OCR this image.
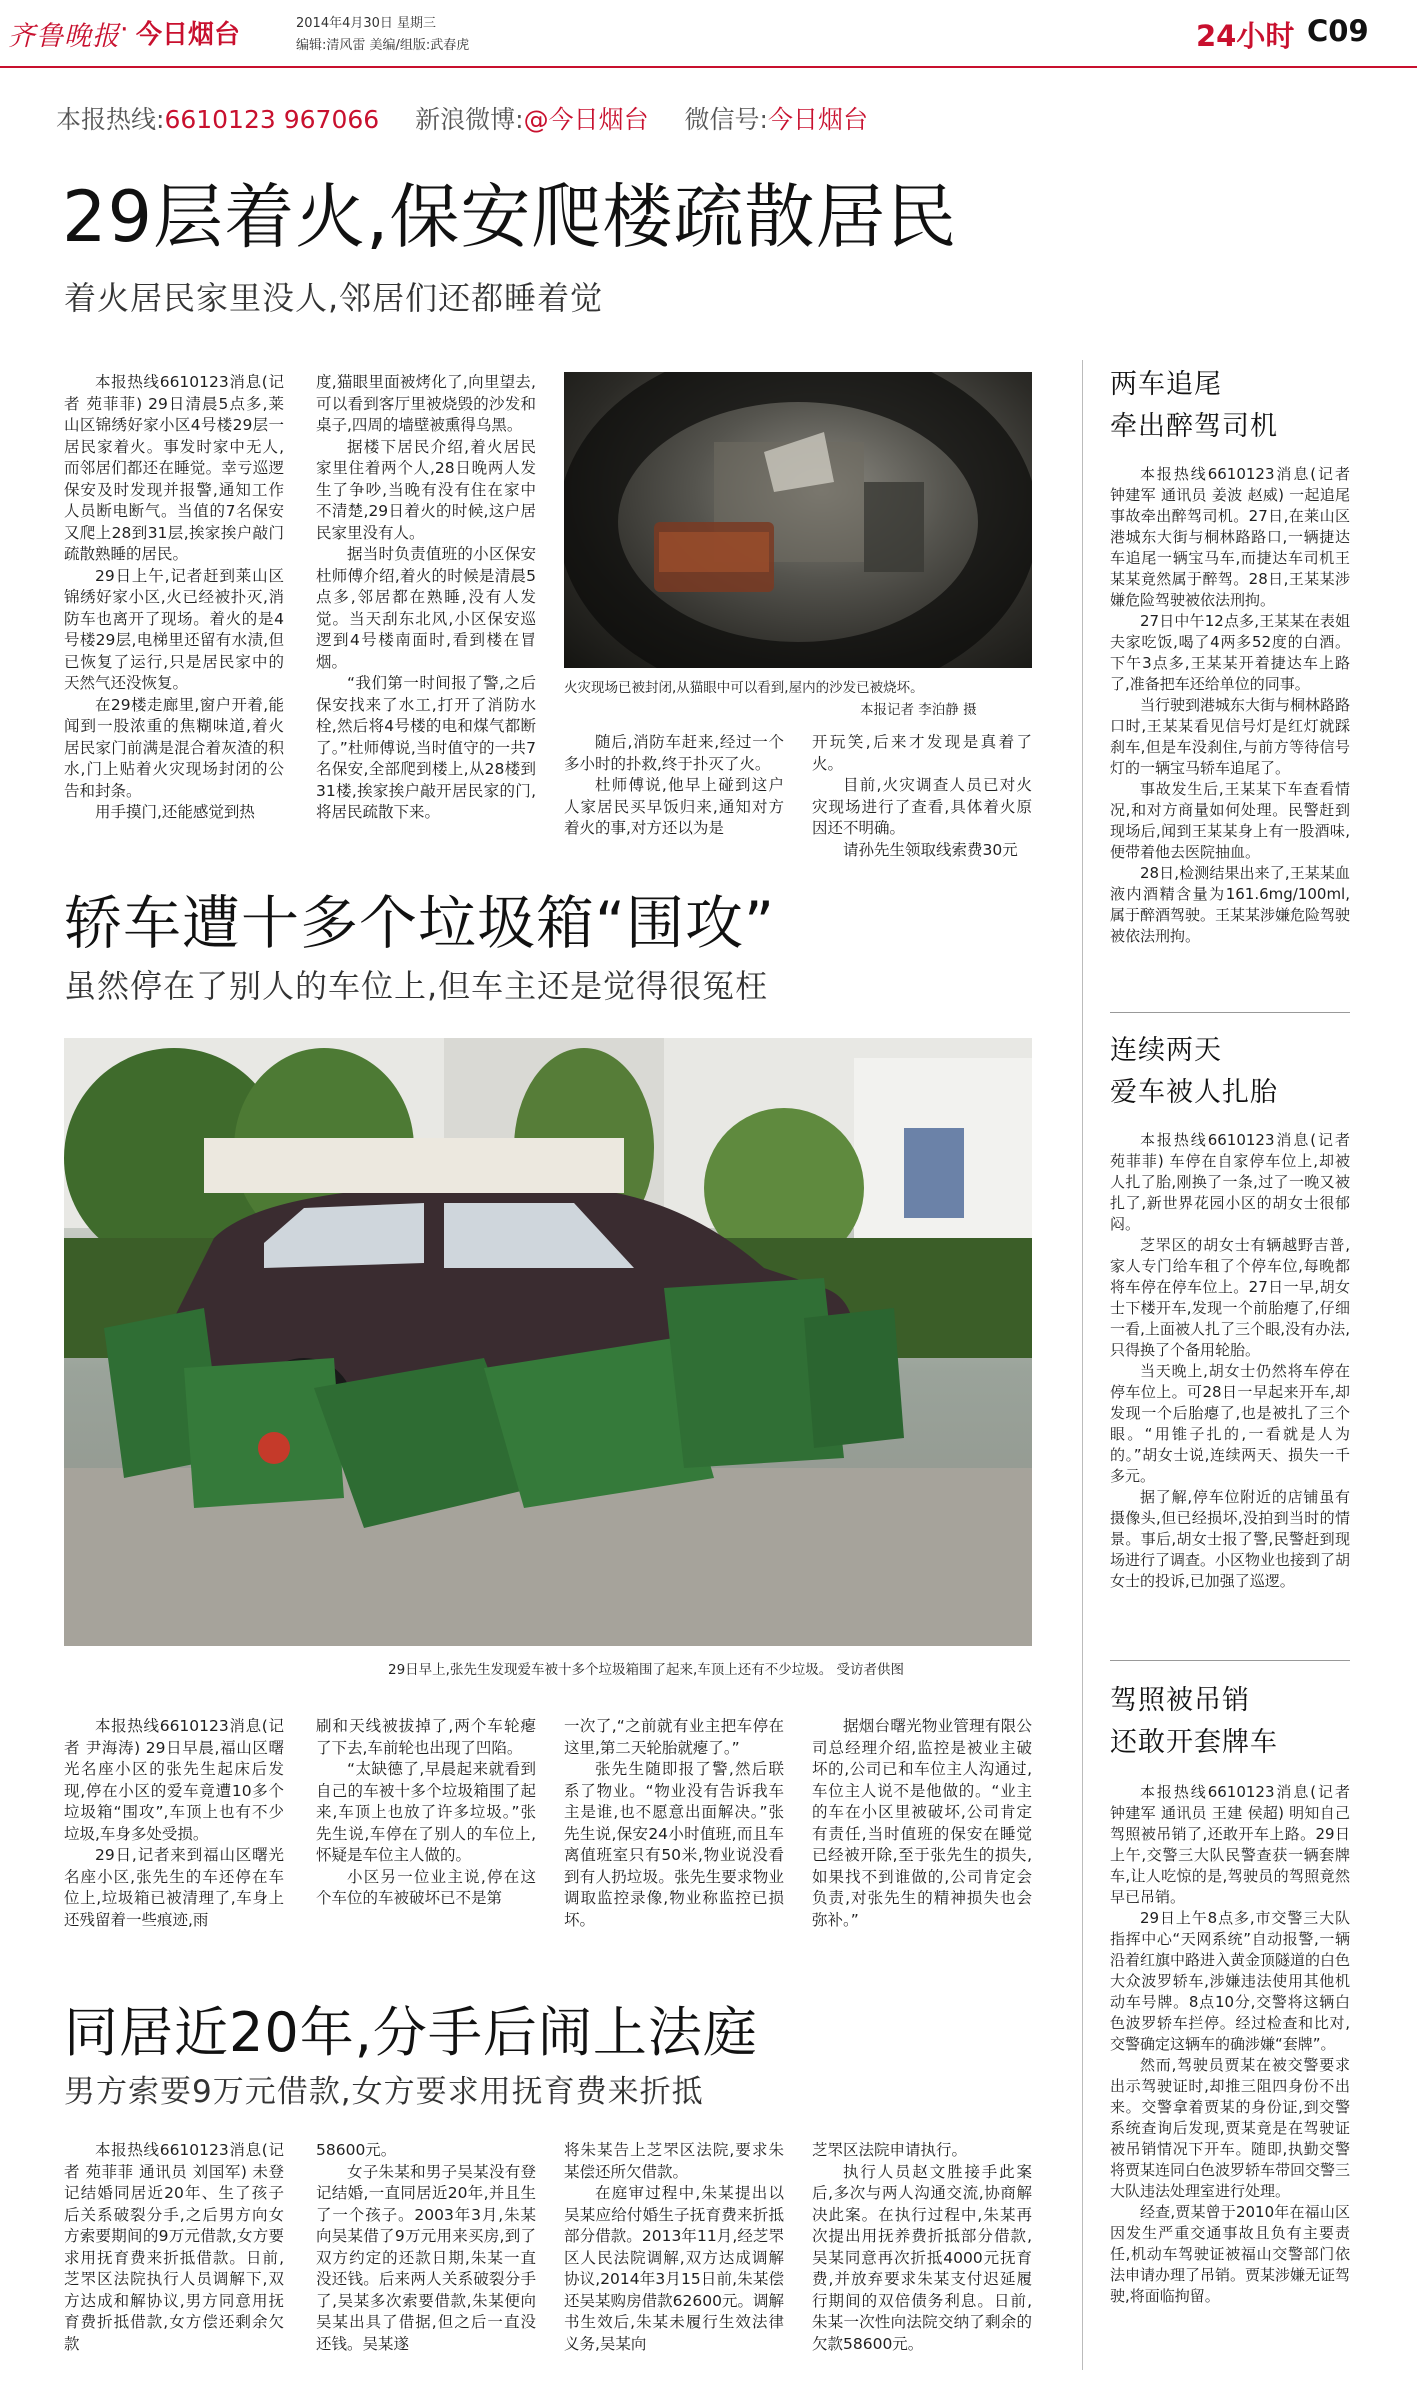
齐鲁晚报 · 今日烟台	2014年4月30日 星期三
编辑:清风雷 美编/组版:武春虎	24小时 C09
本报热线:6610123 967066 新浪微博:@今日烟台 微信号:今日烟台
29层着火,保安爬楼疏散居民
着火居民家里没人,邻居们还都睡着觉

本报热线6610123消息(记者 苑菲菲) 29日清晨5点多,莱山区锦绣好家小区4号楼29层一居民家着火。事发时家中无人,而邻居们都还在睡觉。幸亏巡逻保安及时发现并报警,通知工作人员断电断气。当值的7名保安又爬上28到31层,挨家挨户敲门疏散熟睡的居民。

29日上午,记者赶到莱山区锦绣好家小区,火已经被扑灭,消防车也离开了现场。着火的是4号楼29层,电梯里还留有水渍,但已恢复了运行,只是居民家中的天然气还没恢复。

在29楼走廊里,窗户开着,能闻到一股浓重的焦糊味道,着火居民家门前满是混合着灰渣的积水,门上贴着火灾现场封闭的公告和封条。

用手摸门,还能感觉到热

度,猫眼里面被烤化了,向里望去,可以看到客厅里被烧毁的沙发和桌子,四周的墙壁被熏得乌黑。

据楼下居民介绍,着火居民家里住着两个人,28日晚两人发生了争吵,当晚有没有住在家中不清楚,29日着火的时候,这户居民家里没有人。

据当时负责值班的小区保安杜师傅介绍,着火的时候是清晨5点多,邻居都在熟睡,没有人发觉。当天刮东北风,小区保安巡逻到4号楼南面时,看到楼在冒烟。

“我们第一时间报了警,之后保安找来了水工,打开了消防水栓,然后将4号楼的电和煤气都断了。”杜师傅说,当时值守的一共7名保安,全部爬到楼上,从28楼到31楼,挨家挨户敲开居民家的门,将居民疏散下来。

火灾现场已被封闭,从猫眼中可以看到,屋内的沙发已被烧坏。
本报记者 李泊静 摄

随后,消防车赶来,经过一个多小时的扑救,终于扑灭了火。

杜师傅说,他早上碰到这户人家居民买早饭归来,通知对方着火的事,对方还以为是

开玩笑,后来才发现是真着了火。

目前,火灾调查人员已对火灾现场进行了查看,具体着火原因还不明确。

请孙先生领取线索费30元

轿车遭十多个垃圾箱“围攻”
虽然停在了别人的车位上,但车主还是觉得很冤枉
29日早上,张先生发现爱车被十多个垃圾箱围了起来,车顶上还有不少垃圾。 受访者供图

本报热线6610123消息(记者 尹海涛) 29日早晨,福山区曙光名座小区的张先生起床后发现,停在小区的爱车竟遭10多个垃圾箱“围攻”,车顶上也有不少垃圾,车身多处受损。

29日,记者来到福山区曙光名座小区,张先生的车还停在车位上,垃圾箱已被清理了,车身上还残留着一些痕迹,雨

刷和天线被拔掉了,两个车轮瘪了下去,车前轮也出现了凹陷。

“太缺德了,早晨起来就看到自己的车被十多个垃圾箱围了起来,车顶上也放了许多垃圾。”张先生说,车停在了别人的车位上,怀疑是车位主人做的。

小区另一位业主说,停在这个车位的车被破坏已不是第

一次了,“之前就有业主把车停在这里,第二天轮胎就瘪了。”

张先生随即报了警,然后联系了物业。“物业没有告诉我车主是谁,也不愿意出面解决。”张先生说,保安24小时值班,而且车离值班室只有50米,物业说没看到有人扔垃圾。张先生要求物业调取监控录像,物业称监控已损坏。

据烟台曙光物业管理有限公司总经理介绍,监控是被业主破坏的,公司已和车位主人沟通过,车位主人说不是他做的。“业主的车在小区里被破坏,公司肯定有责任,当时值班的保安在睡觉已经被开除,至于张先生的损失,如果找不到谁做的,公司肯定会负责,对张先生的精神损失也会弥补。”

同居近20年,分手后闹上法庭
男方索要9万元借款,女方要求用抚育费来折抵

本报热线6610123消息(记者 苑菲菲 通讯员 刘国军) 未登记结婚同居近20年、生了孩子后关系破裂分手,之后男方向女方索要期间的9万元借款,女方要求用抚育费来折抵借款。日前,芝罘区法院执行人员调解下,双方达成和解协议,男方同意用抚育费折抵借款,女方偿还剩余欠款

58600元。

女子朱某和男子吴某没有登记结婚,一直同居近20年,并且生了一个孩子。2003年3月,朱某向吴某借了9万元用来买房,到了双方约定的还款日期,朱某一直没还钱。后来两人关系破裂分手了,吴某多次索要借款,朱某便向吴某出具了借据,但之后一直没还钱。吴某遂

将朱某告上芝罘区法院,要求朱某偿还所欠借款。

在庭审过程中,朱某提出以吴某应给付婚生子抚育费来折抵部分借款。2013年11月,经芝罘区人民法院调解,双方达成调解协议,2014年3月15日前,朱某偿还吴某购房借款62600元。调解书生效后,朱某未履行生效法律义务,吴某向

芝罘区法院申请执行。

执行人员赵文胜接手此案后,多次与两人沟通交流,协商解决此案。在执行过程中,朱某再次提出用抚养费折抵部分借款,吴某同意再次折抵4000元抚育费,并放弃要求朱某支付迟延履行期间的双倍债务利息。日前,朱某一次性向法院交纳了剩余的欠款58600元。

两车追尾
牵出醉驾司机

本报热线6610123消息(记者 钟建军 通讯员 姜波 赵威) 一起追尾事故牵出醉驾司机。27日,在莱山区港城东大街与桐林路路口,一辆捷达车追尾一辆宝马车,而捷达车司机王某某竟然属于醉驾。28日,王某某涉嫌危险驾驶被依法刑拘。

27日中午12点多,王某某在表姐夫家吃饭,喝了4两多52度的白酒。下午3点多,王某某开着捷达车上路了,准备把车还给单位的同事。

当行驶到港城东大街与桐林路路口时,王某某看见信号灯是红灯就踩刹车,但是车没刹住,与前方等待信号灯的一辆宝马轿车追尾了。

事故发生后,王某某下车查看情况,和对方商量如何处理。民警赶到现场后,闻到王某某身上有一股酒味,便带着他去医院抽血。

28日,检测结果出来了,王某某血液内酒精含量为161.6mg/100ml,属于醉酒驾驶。王某某涉嫌危险驾驶被依法刑拘。

连续两天
爱车被人扎胎

本报热线6610123消息(记者 苑菲菲) 车停在自家停车位上,却被人扎了胎,刚换了一条,过了一晚又被扎了,新世界花园小区的胡女士很郁闷。

芝罘区的胡女士有辆越野吉普,家人专门给车租了个停车位,每晚都将车停在停车位上。27日一早,胡女士下楼开车,发现一个前胎瘪了,仔细一看,上面被人扎了三个眼,没有办法,只得换了个备用轮胎。

当天晚上,胡女士仍然将车停在停车位上。可28日一早起来开车,却发现一个后胎瘪了,也是被扎了三个眼。“用锥子扎的,一看就是人为的。”胡女士说,连续两天、损失一千多元。

据了解,停车位附近的店铺虽有摄像头,但已经损坏,没拍到当时的情景。事后,胡女士报了警,民警赶到现场进行了调查。小区物业也接到了胡女士的投诉,已加强了巡逻。

驾照被吊销
还敢开套牌车

本报热线6610123消息(记者 钟建军 通讯员 王建 侯超) 明知自己驾照被吊销了,还敢开车上路。29日上午,交警三大队民警查获一辆套牌车,让人吃惊的是,驾驶员的驾照竟然早已吊销。

29日上午8点多,市交警三大队指挥中心“天网系统”自动报警,一辆沿着红旗中路进入黄金顶隧道的白色大众波罗轿车,涉嫌违法使用其他机动车号牌。8点10分,交警将这辆白色波罗轿车拦停。经过检查和比对,交警确定这辆车的确涉嫌“套牌”。

然而,驾驶员贾某在被交警要求出示驾驶证时,却推三阻四身份不出来。交警拿着贾某的身份证,到交警系统查询后发现,贾某竟是在驾驶证被吊销情况下开车。随即,执勤交警将贾某连同白色波罗轿车带回交警三大队违法处理室进行处理。

经查,贾某曾于2010年在福山区因发生严重交通事故且负有主要责任,机动车驾驶证被福山交警部门依法申请办理了吊销。贾某涉嫌无证驾驶,将面临拘留。
